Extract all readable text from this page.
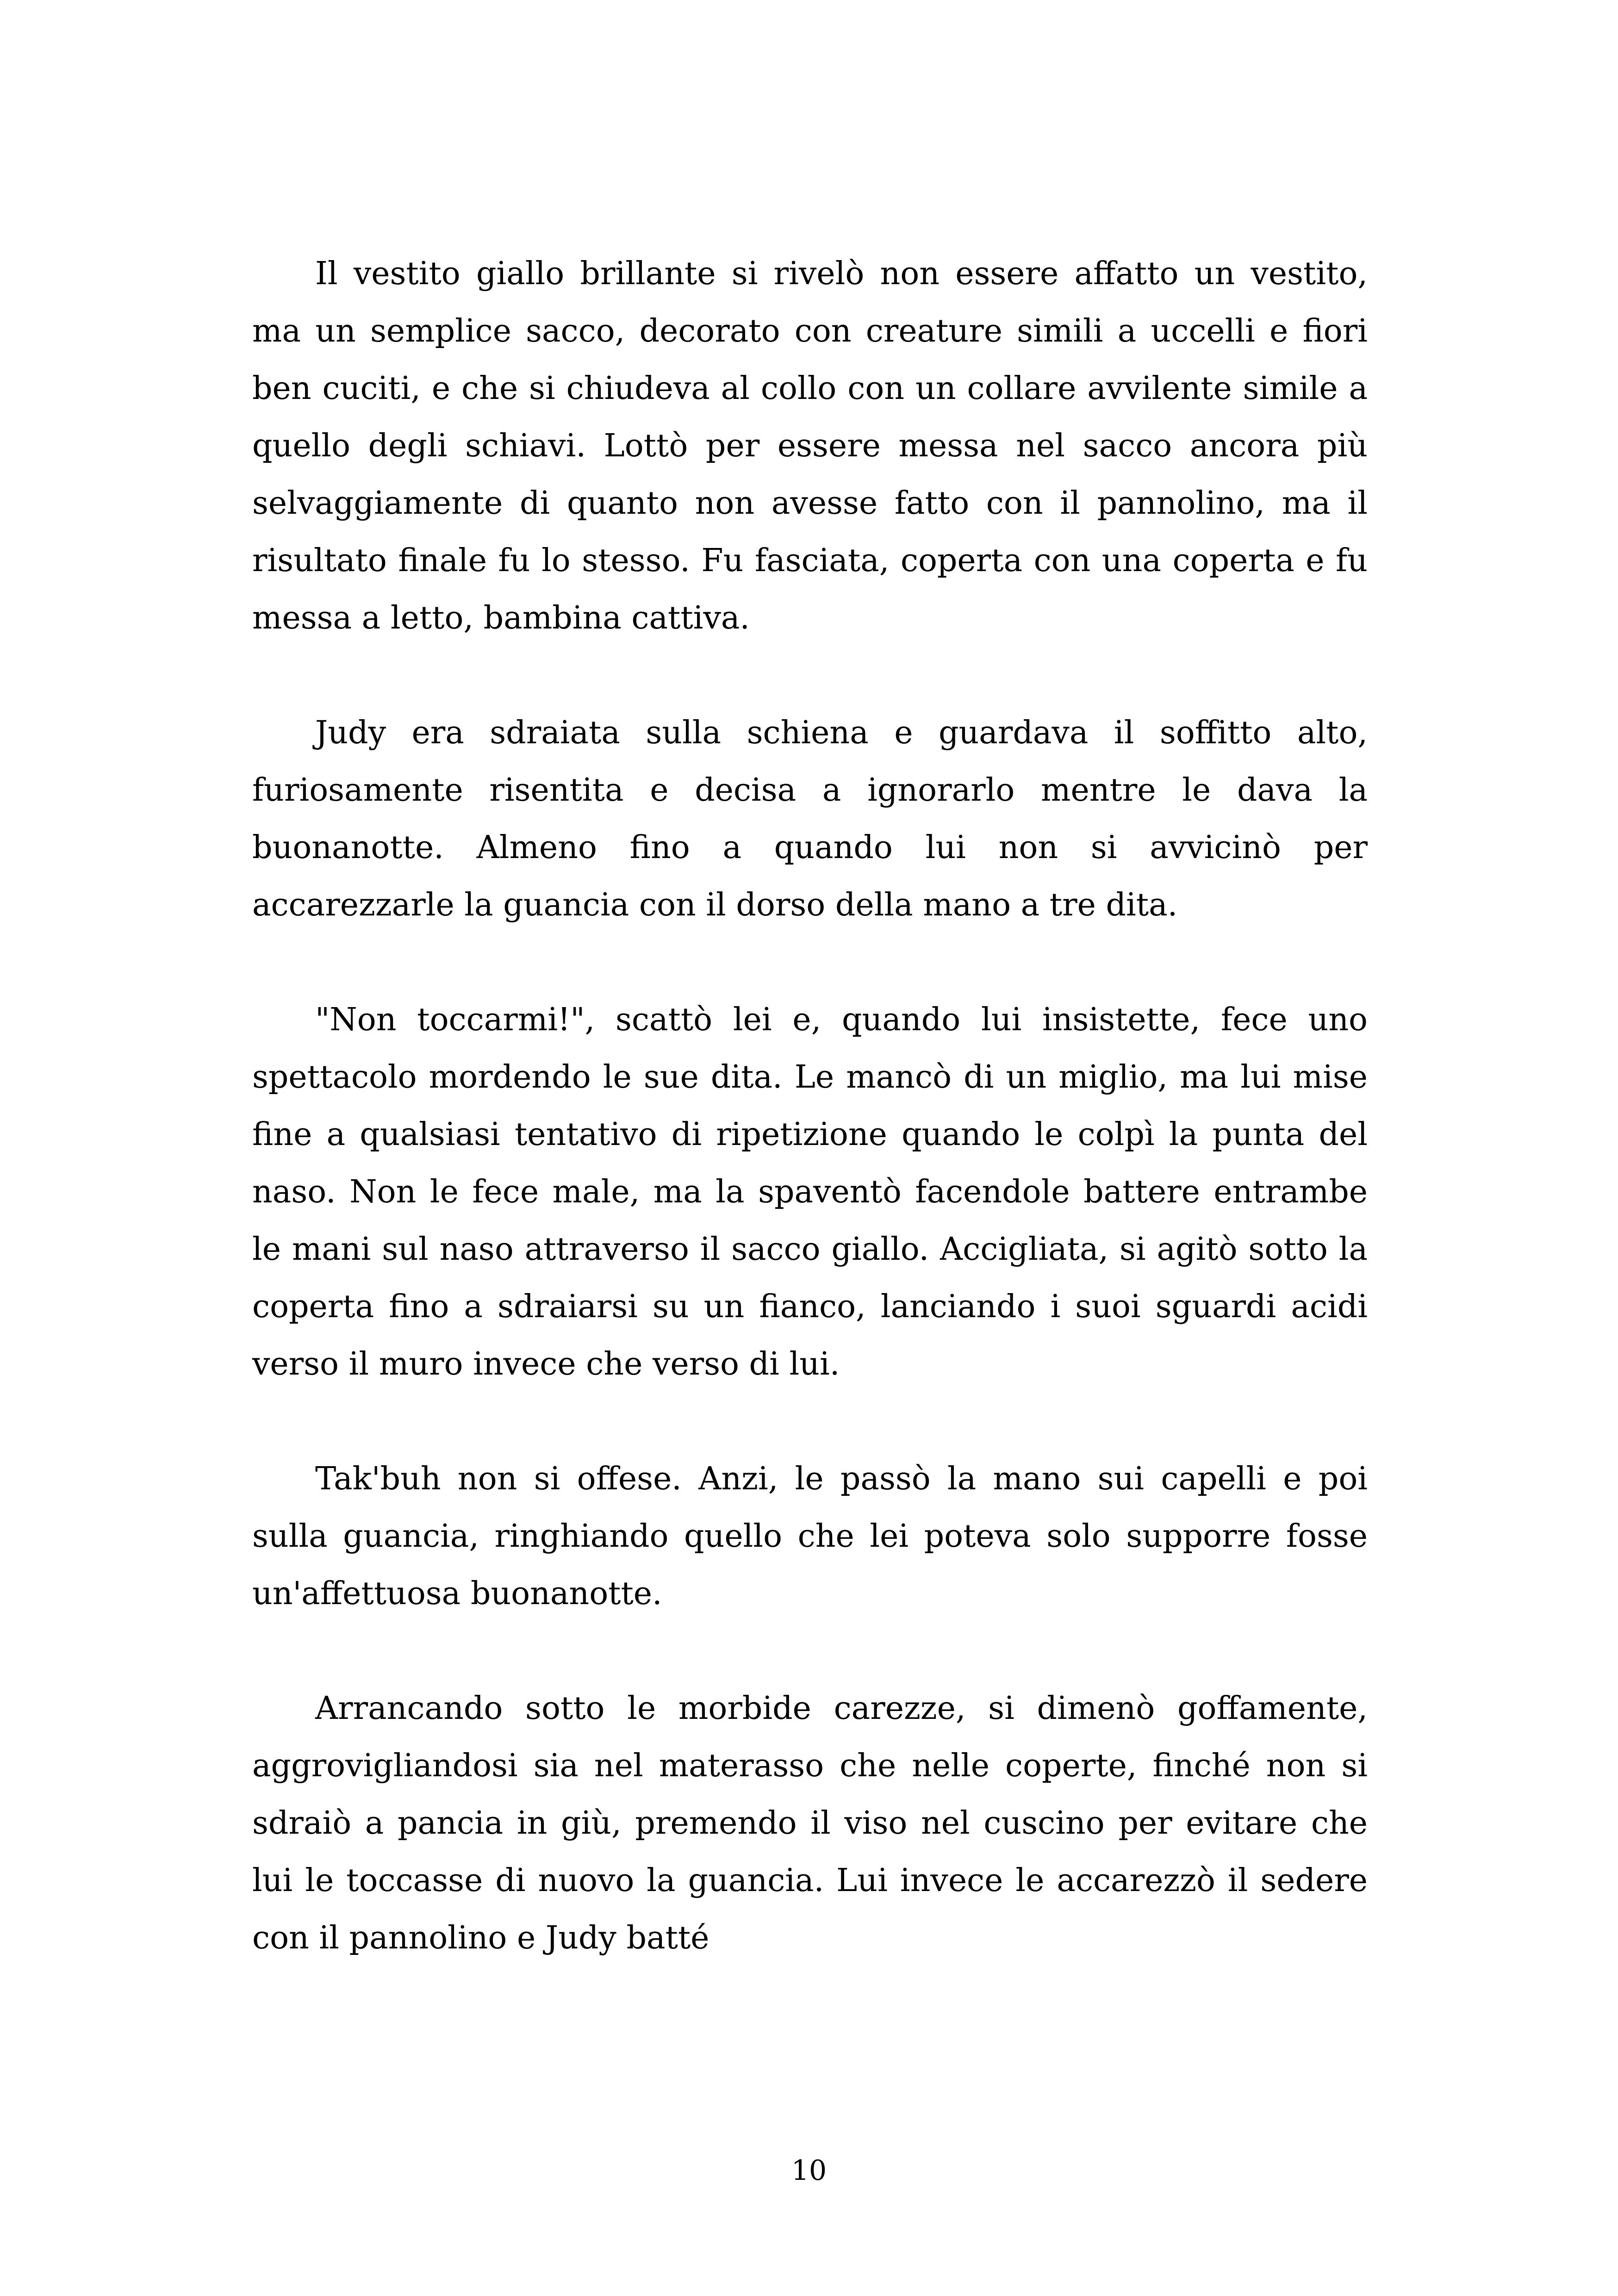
Il vestito giallo brillante si rivelò non essere affatto un vestito, ma un semplice sacco, decorato con creature simili a uccelli e fiori ben cuciti, e che si chiudeva al collo con un collare avvilente simile a quello degli schiavi. Lottò per essere messa nel sacco ancora più selvaggiamente di quanto non avesse fatto con il pannolino, ma il risultato finale fu lo stesso. Fu fasciata, coperta con una coperta e fu messa a letto, bambina cattiva.

Judy era sdraiata sulla schiena e guardava il soffitto alto, furiosamente risentita e decisa a ignorarlo mentre le dava la buonanotte. Almeno fino a quando lui non si avvicinò per accarezzarle la guancia con il dorso della mano a tre dita.

"Non toccarmi!", scattò lei e, quando lui insistette, fece uno spettacolo mordendo le sue dita. Le mancò di un miglio, ma lui mise fine a qualsiasi tentativo di ripetizione quando le colpì la punta del naso. Non le fece male, ma la spaventò facendole battere entrambe le mani sul naso attraverso il sacco giallo. Accigliata, si agitò sotto la coperta fino a sdraiarsi su un fianco, lanciando i suoi sguardi acidi verso il muro invece che verso di lui.

Tak'buh non si offese. Anzi, le passò la mano sui capelli e poi sulla guancia, ringhiando quello che lei poteva solo supporre fosse un'affettuosa buonanotte.

Arrancando sotto le morbide carezze, si dimenò goffamente, aggrovigliandosi sia nel materasso che nelle coperte, finché non si sdraiò a pancia in giù, premendo il viso nel cuscino per evitare che lui le toccasse di nuovo la guancia. Lui invece le accarezzò il sedere con il pannolino e Judy batté

10
